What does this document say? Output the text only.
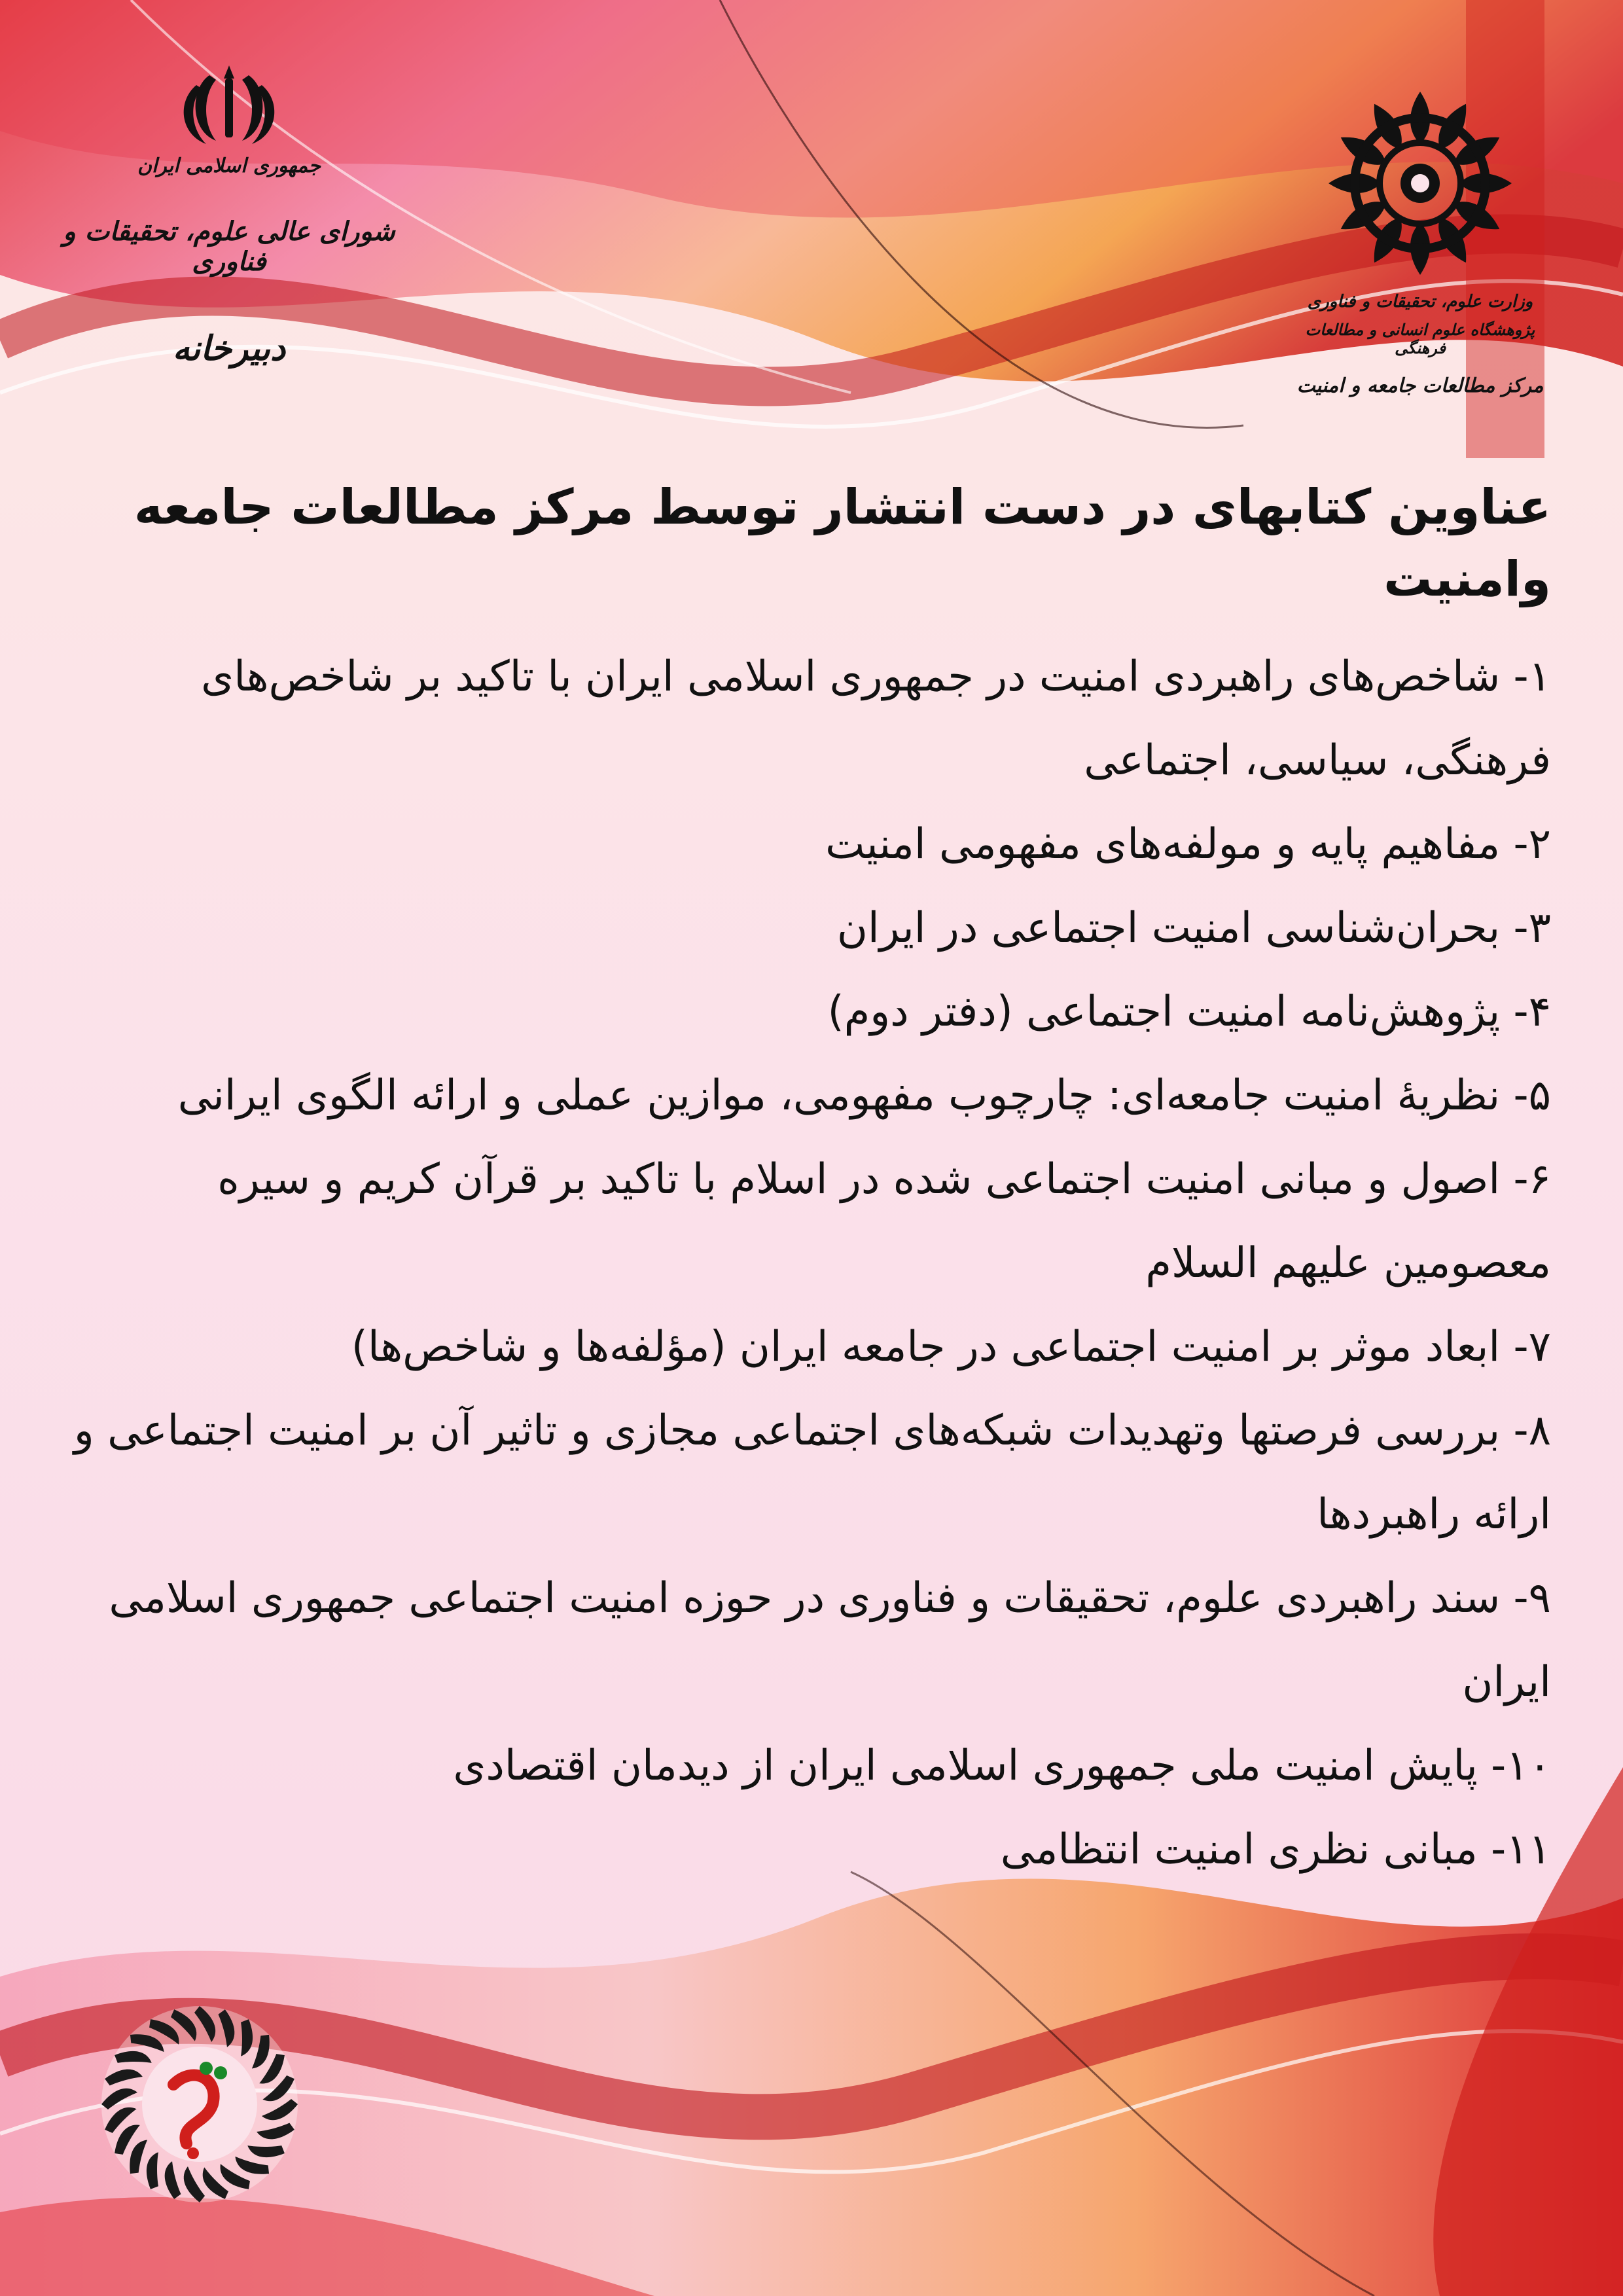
جمهوری اسلامی ایران
شورای عالی علوم، تحقیقات و فناوری
دبیرخانه
وزارت علوم، تحقیقات و فناوری
پژوهشگاه علوم انسانی و مطالعات فرهنگی
مرکز مطالعات جامعه و امنیت
عناوین کتابهای در دست انتشار توسط مرکز مطالعات جامعه وامنیت
۱- شاخص‌های راهبردی امنیت در جمهوری اسلامی ایران با تاکید بر شاخص‌های فرهنگی، سیاسی، اجتماعی
۲- مفاهیم پایه و مولفه‌های مفهومی امنیت
۳- بحران‌شناسی امنیت اجتماعی در ایران
۴- پژوهش‌نامه امنیت اجتماعی (دفتر دوم)
۵- نظریهٔ امنیت جامعه‌ای: چارچوب مفهومی، موازین عملی و ارائه الگوی ایرانی
۶- اصول و مبانی امنیت اجتماعی شده در اسلام با تاکید بر قرآن کریم و سیره معصومین علیهم السلام
۷- ابعاد موثر بر امنیت اجتماعی در جامعه ایران (مؤلفه‌ها و شاخص‌ها)
۸- بررسی فرصتها وتهدیدات شبکه‌های اجتماعی مجازی و تاثیر آن بر امنیت اجتماعی و ارائه راهبردها
۹- سند راهبردی علوم، تحقیقات و فناوری در حوزه امنیت اجتماعی جمهوری اسلامی ایران
۱۰- پایش امنیت ملی جمهوری اسلامی ایران از دیدمان اقتصادی
۱۱- مبانی نظری امنیت انتظامی
